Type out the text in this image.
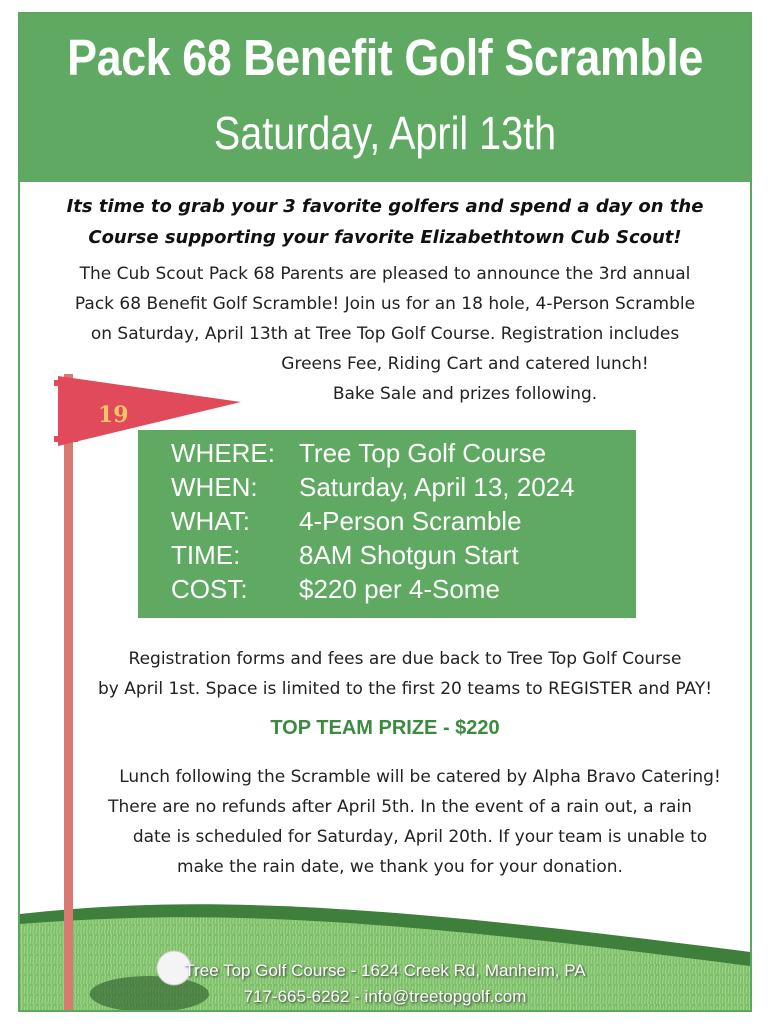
Pack 68 Benefit Golf Scramble
Saturday, April 13th
Its time to grab your 3 favorite golfers and spend a day on the
Course supporting your favorite Elizabethtown Cub Scout!
The Cub Scout Pack 68 Parents are pleased to announce the 3rd annual
Pack 68 Benefit Golf Scramble! Join us for an 18 hole, 4-Person Scramble
on Saturday, April 13th at Tree Top Golf Course. Registration includes
Greens Fee, Riding Cart and catered lunch!
Bake Sale and prizes following.
WHERE: Tree Top Golf Course
WHEN: Saturday, April 13, 2024
WHAT: 4-Person Scramble
TIME: 8AM Shotgun Start
COST: $220 per 4-Some
Registration forms and fees are due back to Tree Top Golf Course
by April 1st. Space is limited to the first 20 teams to REGISTER and PAY!
TOP TEAM PRIZE - $220
Lunch following the Scramble will be catered by Alpha Bravo Catering!
There are no refunds after April 5th. In the event of a rain out, a rain
date is scheduled for Saturday, April 20th. If your team is unable to
make the rain date, we thank you for your donation.
19
Tree Top Golf Course - 1624 Creek Rd, Manheim, PA
717-665-6262 - info@treetopgolf.com
